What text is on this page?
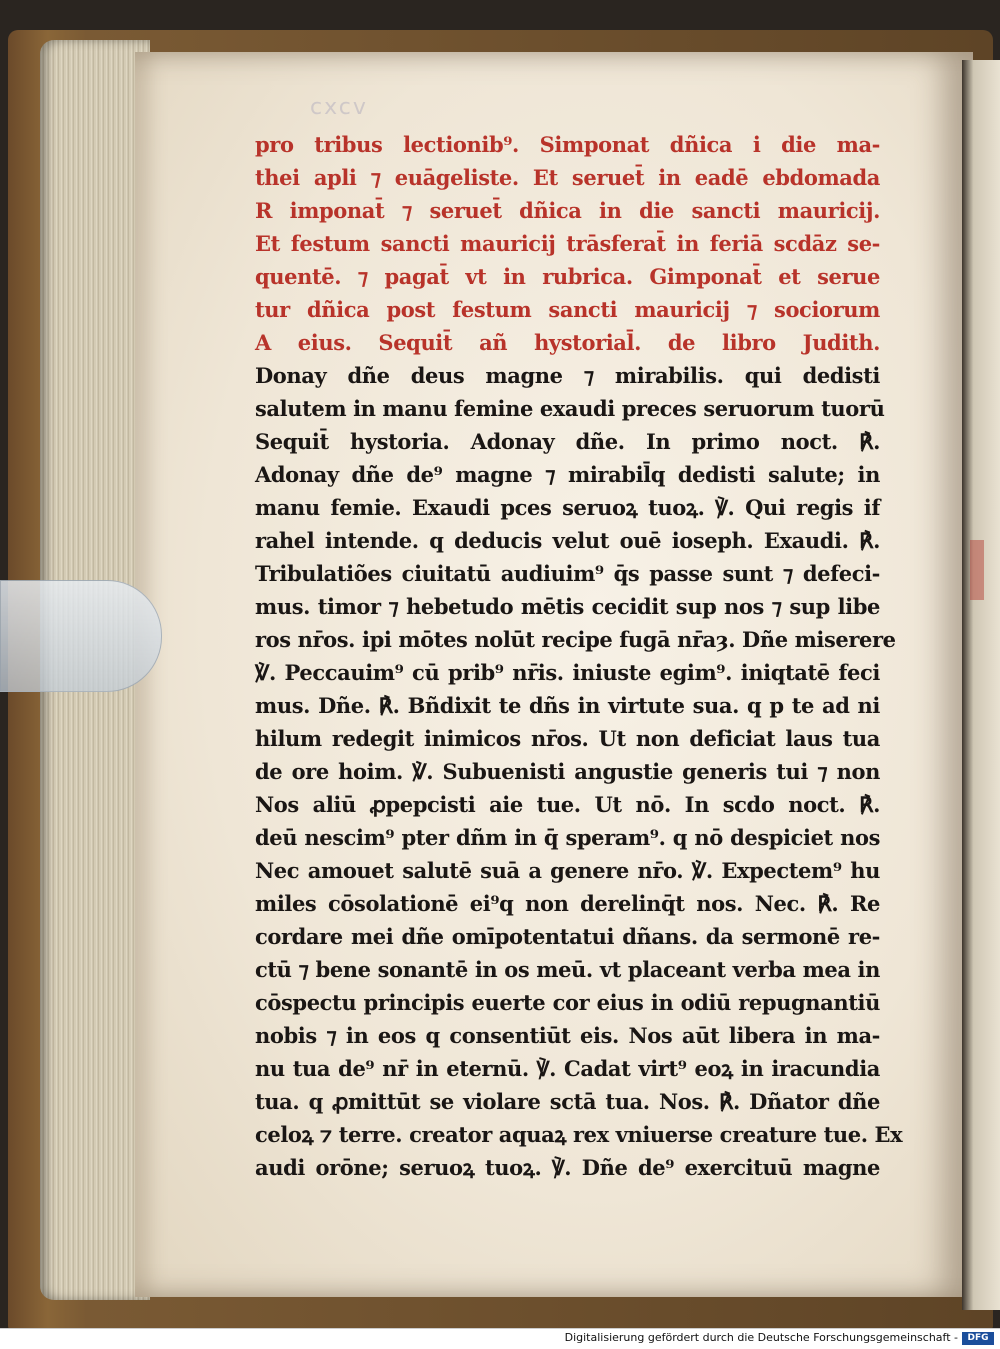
cxcv
pro tribus lectionib⁹. Simponat dñica i die ma-
thei apli ⁊ euāgeliste. Et seruet̄ in eadē ebdomada
R imponat̄ ⁊ seruet̄ dñica in die sancti mauricij.
Et festum sancti mauricij trāsferat̄ in feriā scdāz se-
quentē. ⁊ pagat̄ vt in rubrica. Gimponat̄ et serue
tur dñica post festum sancti mauricij ⁊ sociorum
A eius. Sequit̄ añ hystorial̄. de libro Judith.
Donay dñe deus magne ⁊ mirabilis. qui dedisti
salutem in manu femine exaudi preces seruorum tuorū
Sequit̄ hystoria. Adonay dñe. In primo noct. ℟.
Adonay dñe de⁹ magne ⁊ mirabil̄q dedisti salute; in
manu femie. Exaudi pces seruoꝝ tuoꝝ. ℣. Qui regis if
rahel intende. q deducis velut ouē ioseph. Exaudi. ℟.
Tribulatiões ciuitatū audiuim⁹ q̄s passe sunt ⁊ defeci-
mus. timor ⁊ hebetudo mētis cecidit sup nos ⁊ sup libe
ros nr̄os. ipi mōtes nolūt recipe fugā nr̄aȝ. Dñe miserere
℣. Peccauim⁹ cū prib⁹ nr̄is. iniuste egim⁹. iniqtatē feci
mus. Dñe. ℟. Bñdixit te dñs in virtute sua. q p te ad ni
hilum redegit inimicos nr̄os. Ut non deficiat laus tua
de ore hoim. ℣. Subuenisti angustie generis tui ⁊ non
Nos aliū ꝓpepcisti aie tue. Ut nō. In scdo noct. ℟.
deū nescim⁹ pter dñm in q̄ speram⁹. q nō despiciet nos
Nec amouet salutē suā a genere nr̄o. ℣. Expectem⁹ hu
miles cōsolationē ei⁹q non derelinq̄t nos. Nec. ℟. Re
cordare mei dñe omīpotentatui dñans. da sermonē re-
ctū ⁊ bene sonantē in os meū. vt placeant verba mea in
cōspectu principis euerte cor eius in odiū repugnantiū
nobis ⁊ in eos q consentiūt eis. Nos aūt libera in ma-
nu tua de⁹ nr̄ in eternū. ℣. Cadat virt⁹ eoꝝ in iracundia
tua. q ꝓmittūt se violare sctā tua. Nos. ℟. Dñator dñe
celoꝝ ⁊ terre. creator aquaꝝ rex vniuerse creature tue. Ex
audi orōne; seruoꝝ tuoꝝ. ℣. Dñe de⁹ exercituū magne
Digitalisierung gefördert durch die Deutsche Forschungsgemeinschaft -	DFG
